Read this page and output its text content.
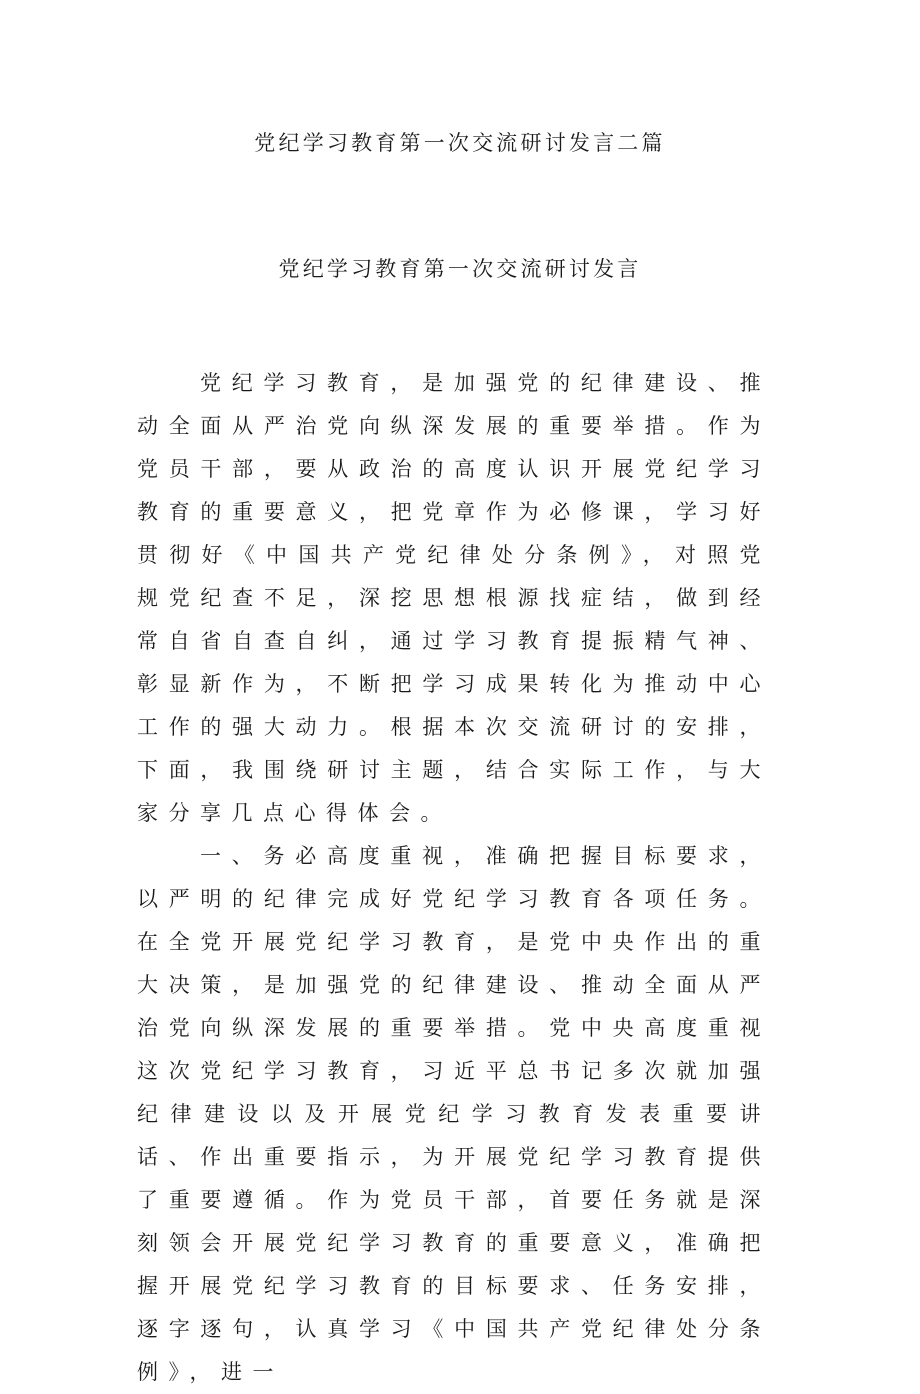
党纪学习教育第一次交流研讨发言二篇
党纪学习教育第一次交流研讨发言

党纪学习教育，是加强党的纪律建设、推动全面从严治党向纵深发展的重要举措。作为党员干部，要从政治的高度认识开展党纪学习教育的重要意义，把党章作为必修课，学习好贯彻好《中国共产党纪律处分条例》，对照党规党纪查不足，深挖思想根源找症结，做到经常自省自查自纠，通过学习教育提振精气神、彰显新作为，不断把学习成果转化为推动中心工作的强大动力。根据本次交流研讨的安排，下面，我围绕研讨主题，结合实际工作，与大家分享几点心得体会。

一、务必高度重视，准确把握目标要求，以严明的纪律完成好党纪学习教育各项任务。在全党开展党纪学习教育，是党中央作出的重大决策，是加强党的纪律建设、推动全面从严治党向纵深发展的重要举措。党中央高度重视这次党纪学习教育，习近平总书记多次就加强纪律建设以及开展党纪学习教育发表重要讲话、作出重要指示，为开展党纪学习教育提供了重要遵循。作为党员干部，首要任务就是深刻领会开展党纪学习教育的重要意义，准确把握开展党纪学习教育的目标要求、任务安排，逐字逐句，认真学习《中国共产党纪律处分条例》，进一
